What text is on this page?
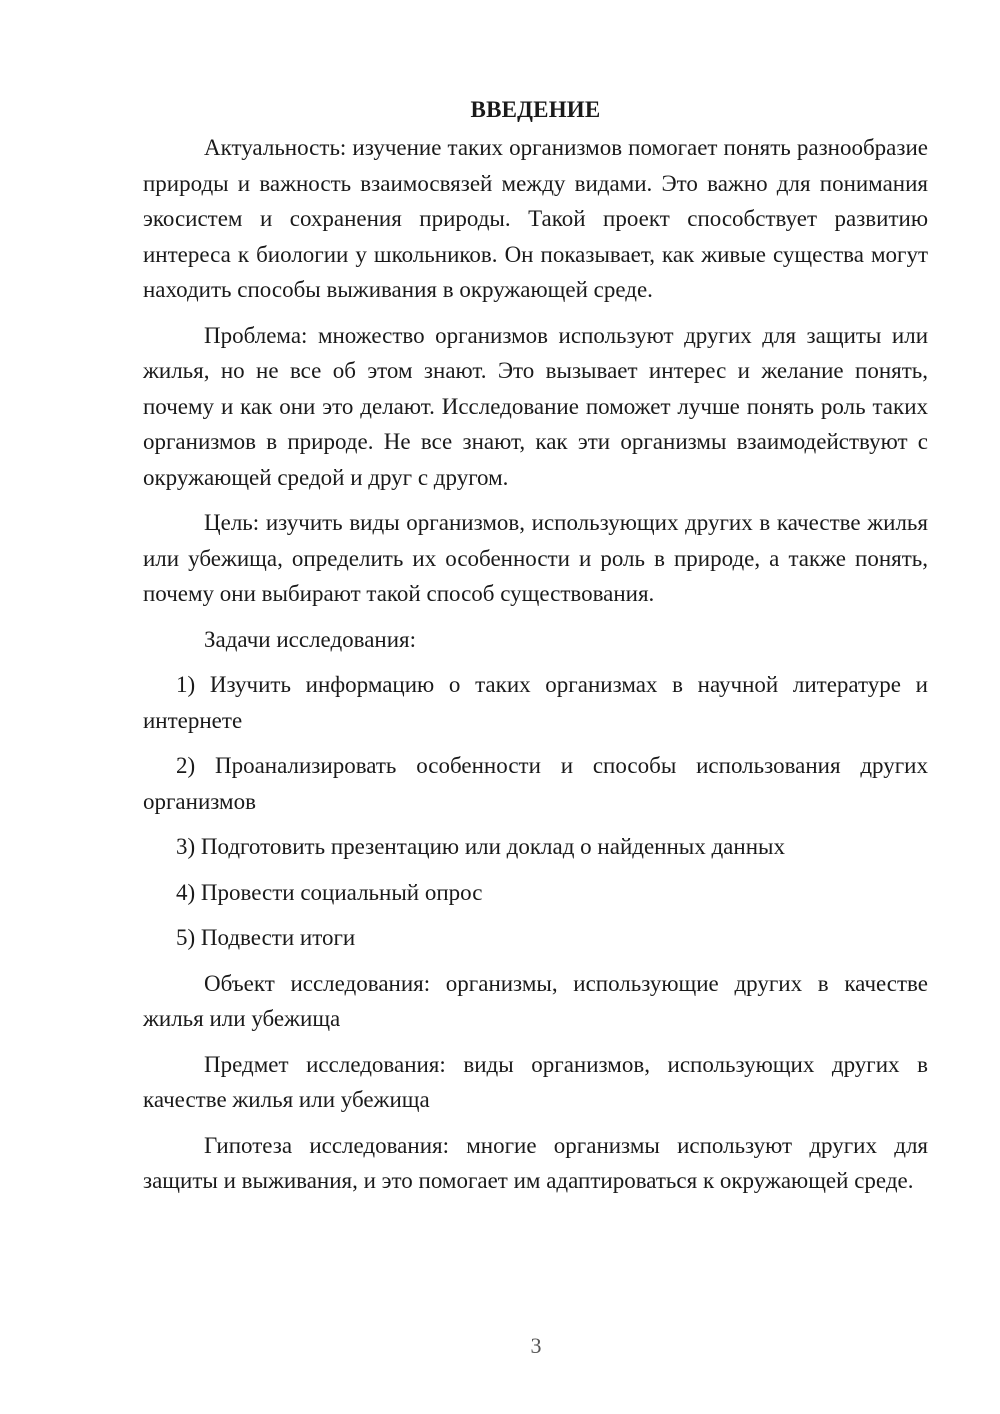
ВВЕДЕНИЕ

Актуальность: изучение таких организмов помогает понять разнообразие природы и важность взаимосвязей между видами. Это важно для понимания экосистем и сохранения природы. Такой проект способствует развитию интереса к биологии у школьников. Он показывает, как живые существа могут находить способы выживания в окружающей среде.

Проблема: множество организмов используют других для защиты или жилья, но не все об этом знают. Это вызывает интерес и желание понять, почему и как они это делают. Исследование поможет лучше понять роль таких организмов в природе. Не все знают, как эти организмы взаимодействуют с окружающей средой и друг с другом.

Цель: изучить виды организмов, использующих других в качестве жилья или убежища, определить их особенности и роль в природе, а также понять, почему они выбирают такой способ существования.

Задачи исследования:

1) Изучить информацию о таких организмах в научной литературе и интернете

2) Проанализировать особенности и способы использования других организмов

3) Подготовить презентацию или доклад о найденных данных

4) Провести социальный опрос

5) Подвести итоги

Объект исследования: организмы, использующие других в качестве жилья или убежища

Предмет исследования: виды организмов, использующих других в качестве жилья или убежища

Гипотеза исследования: многие организмы используют других для защиты и выживания, и это помогает им адаптироваться к окружающей среде.

3
